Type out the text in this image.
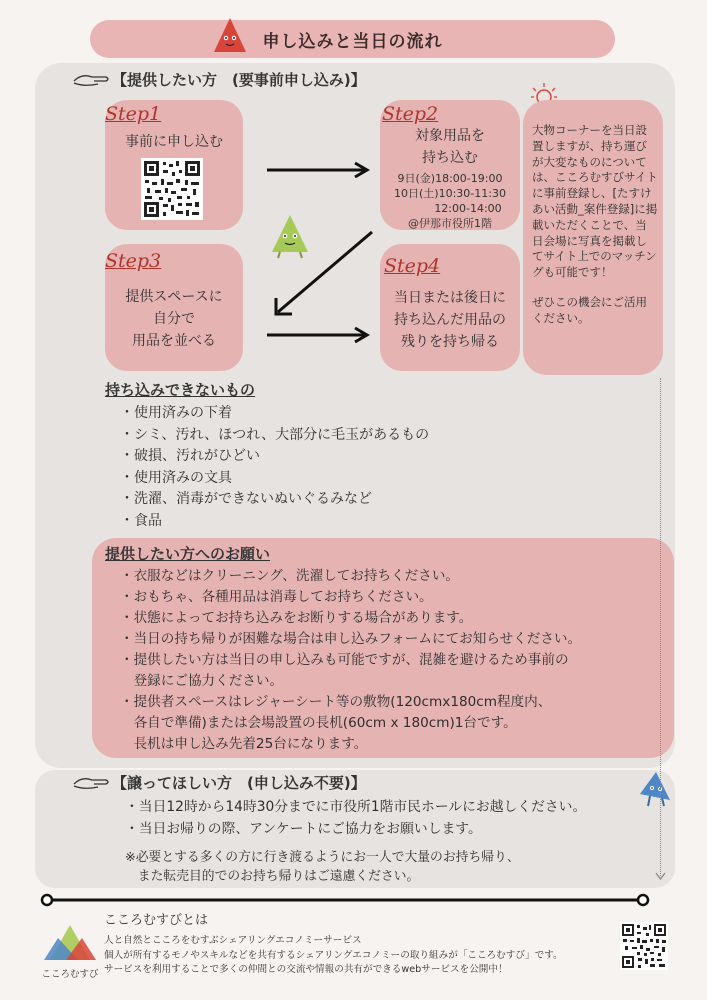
申し込みと当日の流れ
【提供したい方　(要事前申し込み)】
Step1
事前に申し込む
Step2
対象用品を
持ち込む
9日(金)18:00-19:00
10日(土)10:30-11:30
12:00-14:00
@伊那市役所1階
大物コーナーを当日設置しますが、持ち運びが大変なものについては、こころむすびサイトに事前登録し、[たすけあい活動_案件登録]に掲載いただくことで、当日会場に写真を掲載してサイト上でのマッチングも可能です！
ぜひこの機会にご活用ください。
Step3
提供スペースに
自分で
用品を並べる
Step4
当日または後日に
持ち込んだ用品の
残りを持ち帰る
持ち込みできないもの
・使用済みの下着
・シミ、汚れ、ほつれ、大部分に毛玉があるもの
・破損、汚れがひどい
・使用済みの文具
・洗濯、消毒ができないぬいぐるみなど
・食品
提供したい方へのお願い
・衣服などはクリーニング、洗濯してお持ちください。
・おもちゃ、各種用品は消毒してお持ちください。
・状態によってお持ち込みをお断りする場合があります。
・当日の持ち帰りが困難な場合は申し込みフォームにてお知らせください。
・提供したい方は当日の申し込みも可能ですが、混雑を避けるため事前の
　登録にご協力ください。
・提供者スペースはレジャーシート等の敷物(120cmx180cm程度内、
　各自で準備)または会場設置の長机(60cm x 180cm)1台です。
　長机は申し込み先着25台になります。
【譲ってほしい方　(申し込み不要)】
・当日12時から14時30分までに市役所1階市民ホールにお越しください。
・当日お帰りの際、アンケートにご協力をお願いします。
※必要とする多くの方に行き渡るようにお一人で大量のお持ち帰り、
　また転売目的でのお持ち帰りはご遠慮ください。
こころむすび
こころむすびとは
人と自然とこころをむすぶシェアリングエコノミーサービス
個人が所有するモノやスキルなどを共有するシェアリングエコノミーの取り組みが「こころむすび」です。
サービスを利用することで多くの仲間との交流や情報の共有ができるwebサービスを公開中！
